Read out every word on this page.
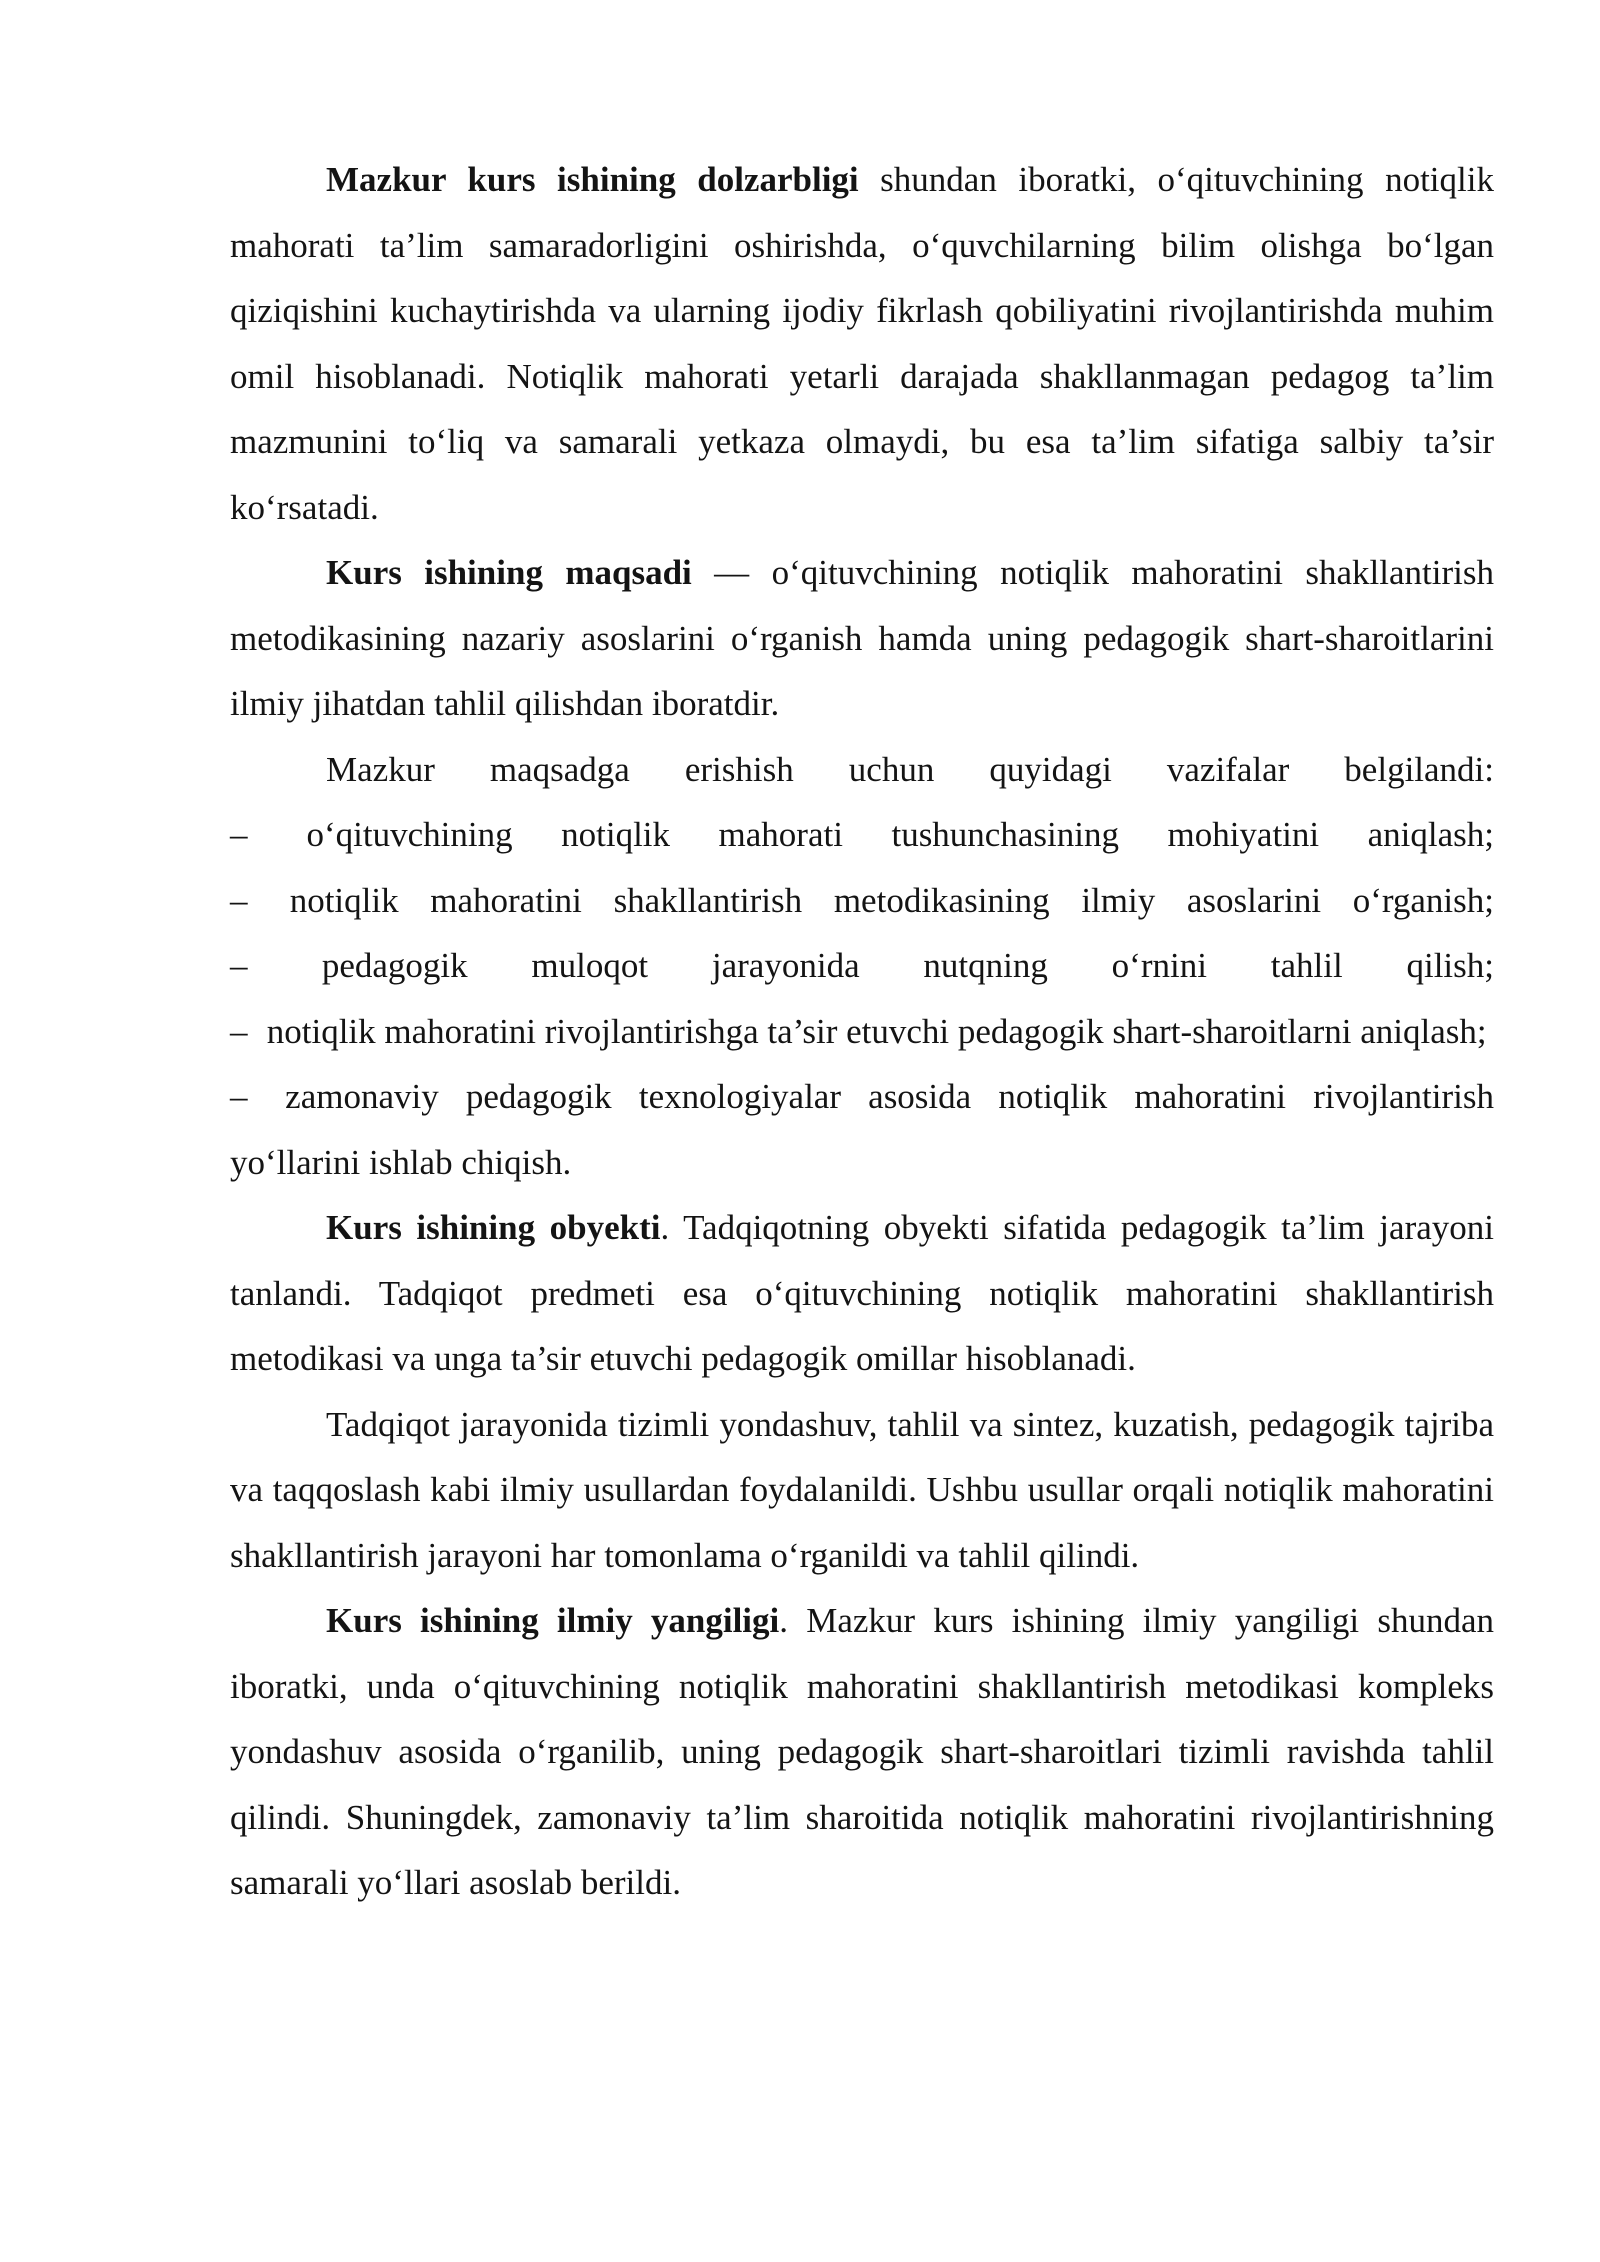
Mazkur kurs ishining dolzarbligi shundan iboratki, o‘qituvchining notiqlik mahorati ta’lim samaradorligini oshirishda, o‘quvchilarning bilim olishga bo‘lgan qiziqishini kuchaytirishda va ularning ijodiy fikrlash qobiliyatini rivojlantirishda muhim omil hisoblanadi. Notiqlik mahorati yetarli darajada shakllanmagan pedagog ta’lim mazmunini to‘liq va samarali yetkaza olmaydi, bu esa ta’lim sifatiga salbiy ta’sir ko‘rsatadi.

Kurs ishining maqsadi — o‘qituvchining notiqlik mahoratini shakllantirish metodikasining nazariy asoslarini o‘rganish hamda uning pedagogik shart-sharoitlarini ilmiy jihatdan tahlil qilishdan iboratdir.

Mazkur maqsadga erishish uchun quyidagi vazifalar belgilandi:

– o‘qituvchining notiqlik mahorati tushunchasining mohiyatini aniqlash;

– notiqlik mahoratini shakllantirish metodikasining ilmiy asoslarini o‘rganish;

– pedagogik muloqot jarayonida nutqning o‘rnini tahlil qilish;

– notiqlik mahoratini rivojlantirishga ta’sir etuvchi pedagogik shart-sharoitlarni aniqlash;

– zamonaviy pedagogik texnologiyalar asosida notiqlik mahoratini rivojlantirish yo‘llarini ishlab chiqish.

Kurs ishining obyekti. Tadqiqotning obyekti sifatida pedagogik ta’lim jarayoni tanlandi. Tadqiqot predmeti esa o‘qituvchining notiqlik mahoratini shakllantirish metodikasi va unga ta’sir etuvchi pedagogik omillar hisoblanadi.

Tadqiqot jarayonida tizimli yondashuv, tahlil va sintez, kuzatish, pedagogik tajriba va taqqoslash kabi ilmiy usullardan foydalanildi. Ushbu usullar orqali notiqlik mahoratini shakllantirish jarayoni har tomonlama o‘rganildi va tahlil qilindi.

Kurs ishining ilmiy yangiligi. Mazkur kurs ishining ilmiy yangiligi shundan iboratki, unda o‘qituvchining notiqlik mahoratini shakllantirish metodikasi kompleks yondashuv asosida o‘rganilib, uning pedagogik shart-sharoitlari tizimli ravishda tahlil qilindi. Shuningdek, zamonaviy ta’lim sharoitida notiqlik mahoratini rivojlantirishning samarali yo‘llari asoslab berildi.
